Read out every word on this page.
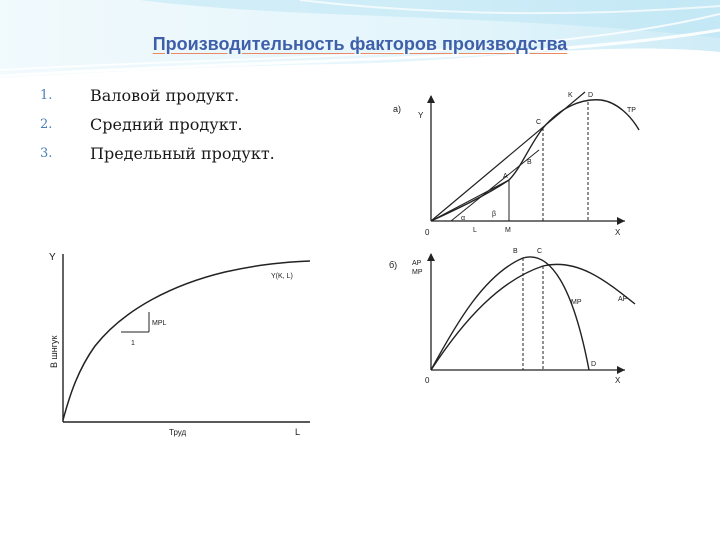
Производительность факторов производства
1.	Валовой продукт.
2.	Средний продукт.
3.	Предельный продукт.
Y
В шнгук
Y(K, L)
MPL
1
Труд	L
а)
Y
0	X
K
TP
A
B
C
D
L	M
α
β
б) AP
MP
0	X
B	C
D
MP	AP
